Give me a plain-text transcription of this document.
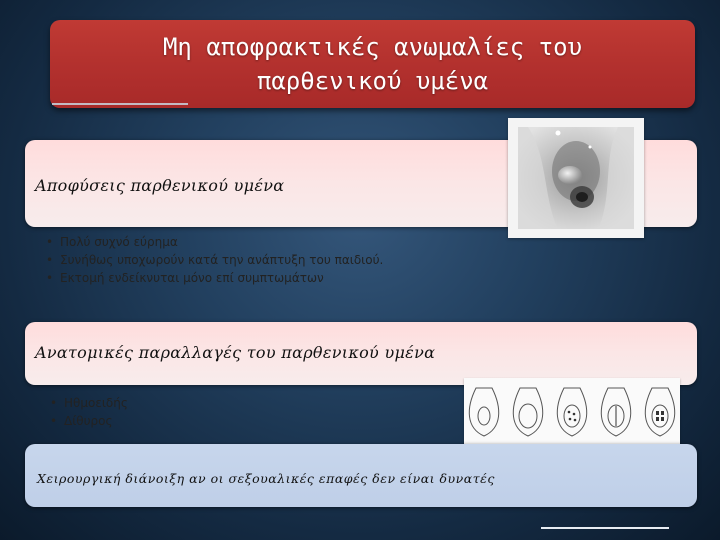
Μη αποφρακτικές ανωμαλίες του παρθενικού υμένα
Αποφύσεις παρθενικού υμένα
• Πολύ συχνό εύρημα
• Συνήθως υποχωρούν κατά την ανάπτυξη του παιδιού.
• Εκτομή ενδείκνυται μόνο επί συμπτωμάτων
Ανατομικές παραλλαγές του παρθενικού υμένα
• Ηθμοειδής
• Δίθυρος

Χειρουργική διάνοιξη αν οι σεξουαλικές επαφές δεν είναι δυνατές
